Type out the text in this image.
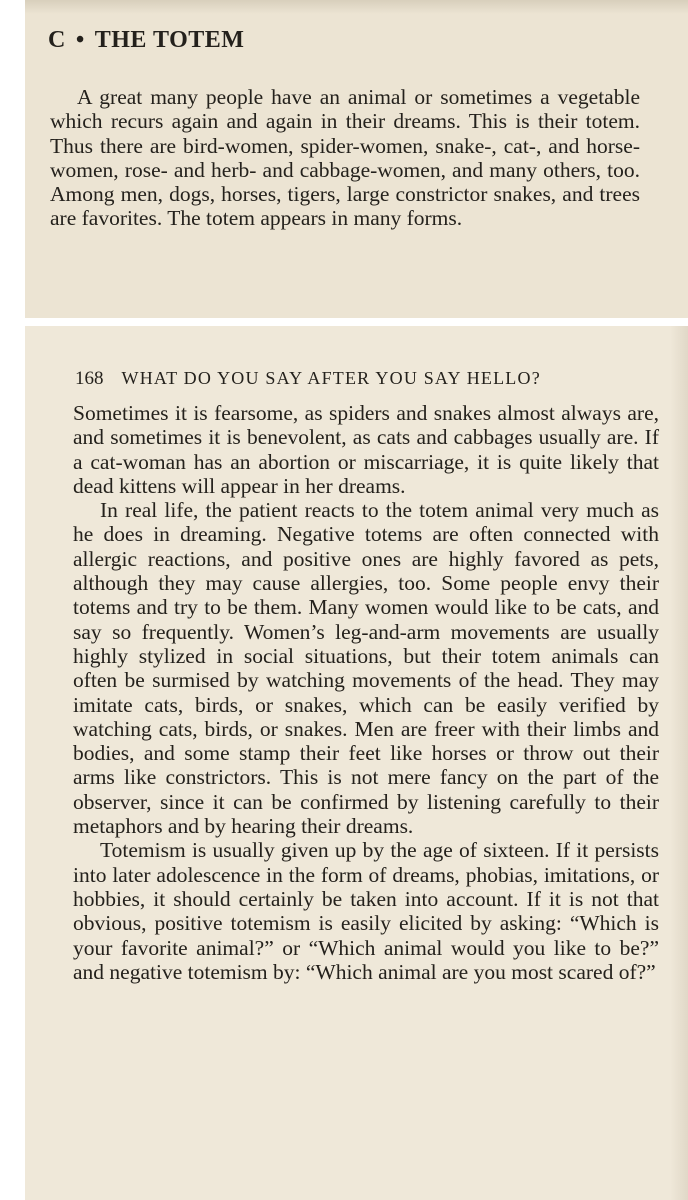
C • THE TOTEM

A great many people have an animal or sometimes a vegetable which recurs again and again in their dreams. This is their totem. Thus there are bird-women, spider-women, snake-, cat-, and horse-women, rose- and herb- and cabbage-women, and many others, too. Among men, dogs, horses, tigers, large constrictor snakes, and trees are favorites. The totem appears in many forms.

168 WHAT DO YOU SAY AFTER YOU SAY HELLO?

Sometimes it is fearsome, as spiders and snakes almost always are, and sometimes it is benevolent, as cats and cabbages usually are. If a cat-woman has an abortion or miscarriage, it is quite likely that dead kittens will appear in her dreams.

In real life, the patient reacts to the totem animal very much as he does in dreaming. Negative totems are often connected with allergic reactions, and positive ones are highly favored as pets, although they may cause allergies, too. Some people envy their totems and try to be them. Many women would like to be cats, and say so frequently. Women’s leg-and-arm movements are usually highly stylized in social situations, but their totem animals can often be surmised by watching movements of the head. They may imitate cats, birds, or snakes, which can be easily verified by watching cats, birds, or snakes. Men are freer with their limbs and bodies, and some stamp their feet like horses or throw out their arms like constrictors. This is not mere fancy on the part of the observer, since it can be confirmed by listening carefully to their metaphors and by hearing their dreams.

Totemism is usually given up by the age of sixteen. If it persists into later adolescence in the form of dreams, phobias, imitations, or hobbies, it should certainly be taken into account. If it is not that obvious, positive totemism is easily elicited by asking: “Which is your favorite animal?” or “Which animal would you like to be?” and negative totemism by: “Which animal are you most scared of?”
